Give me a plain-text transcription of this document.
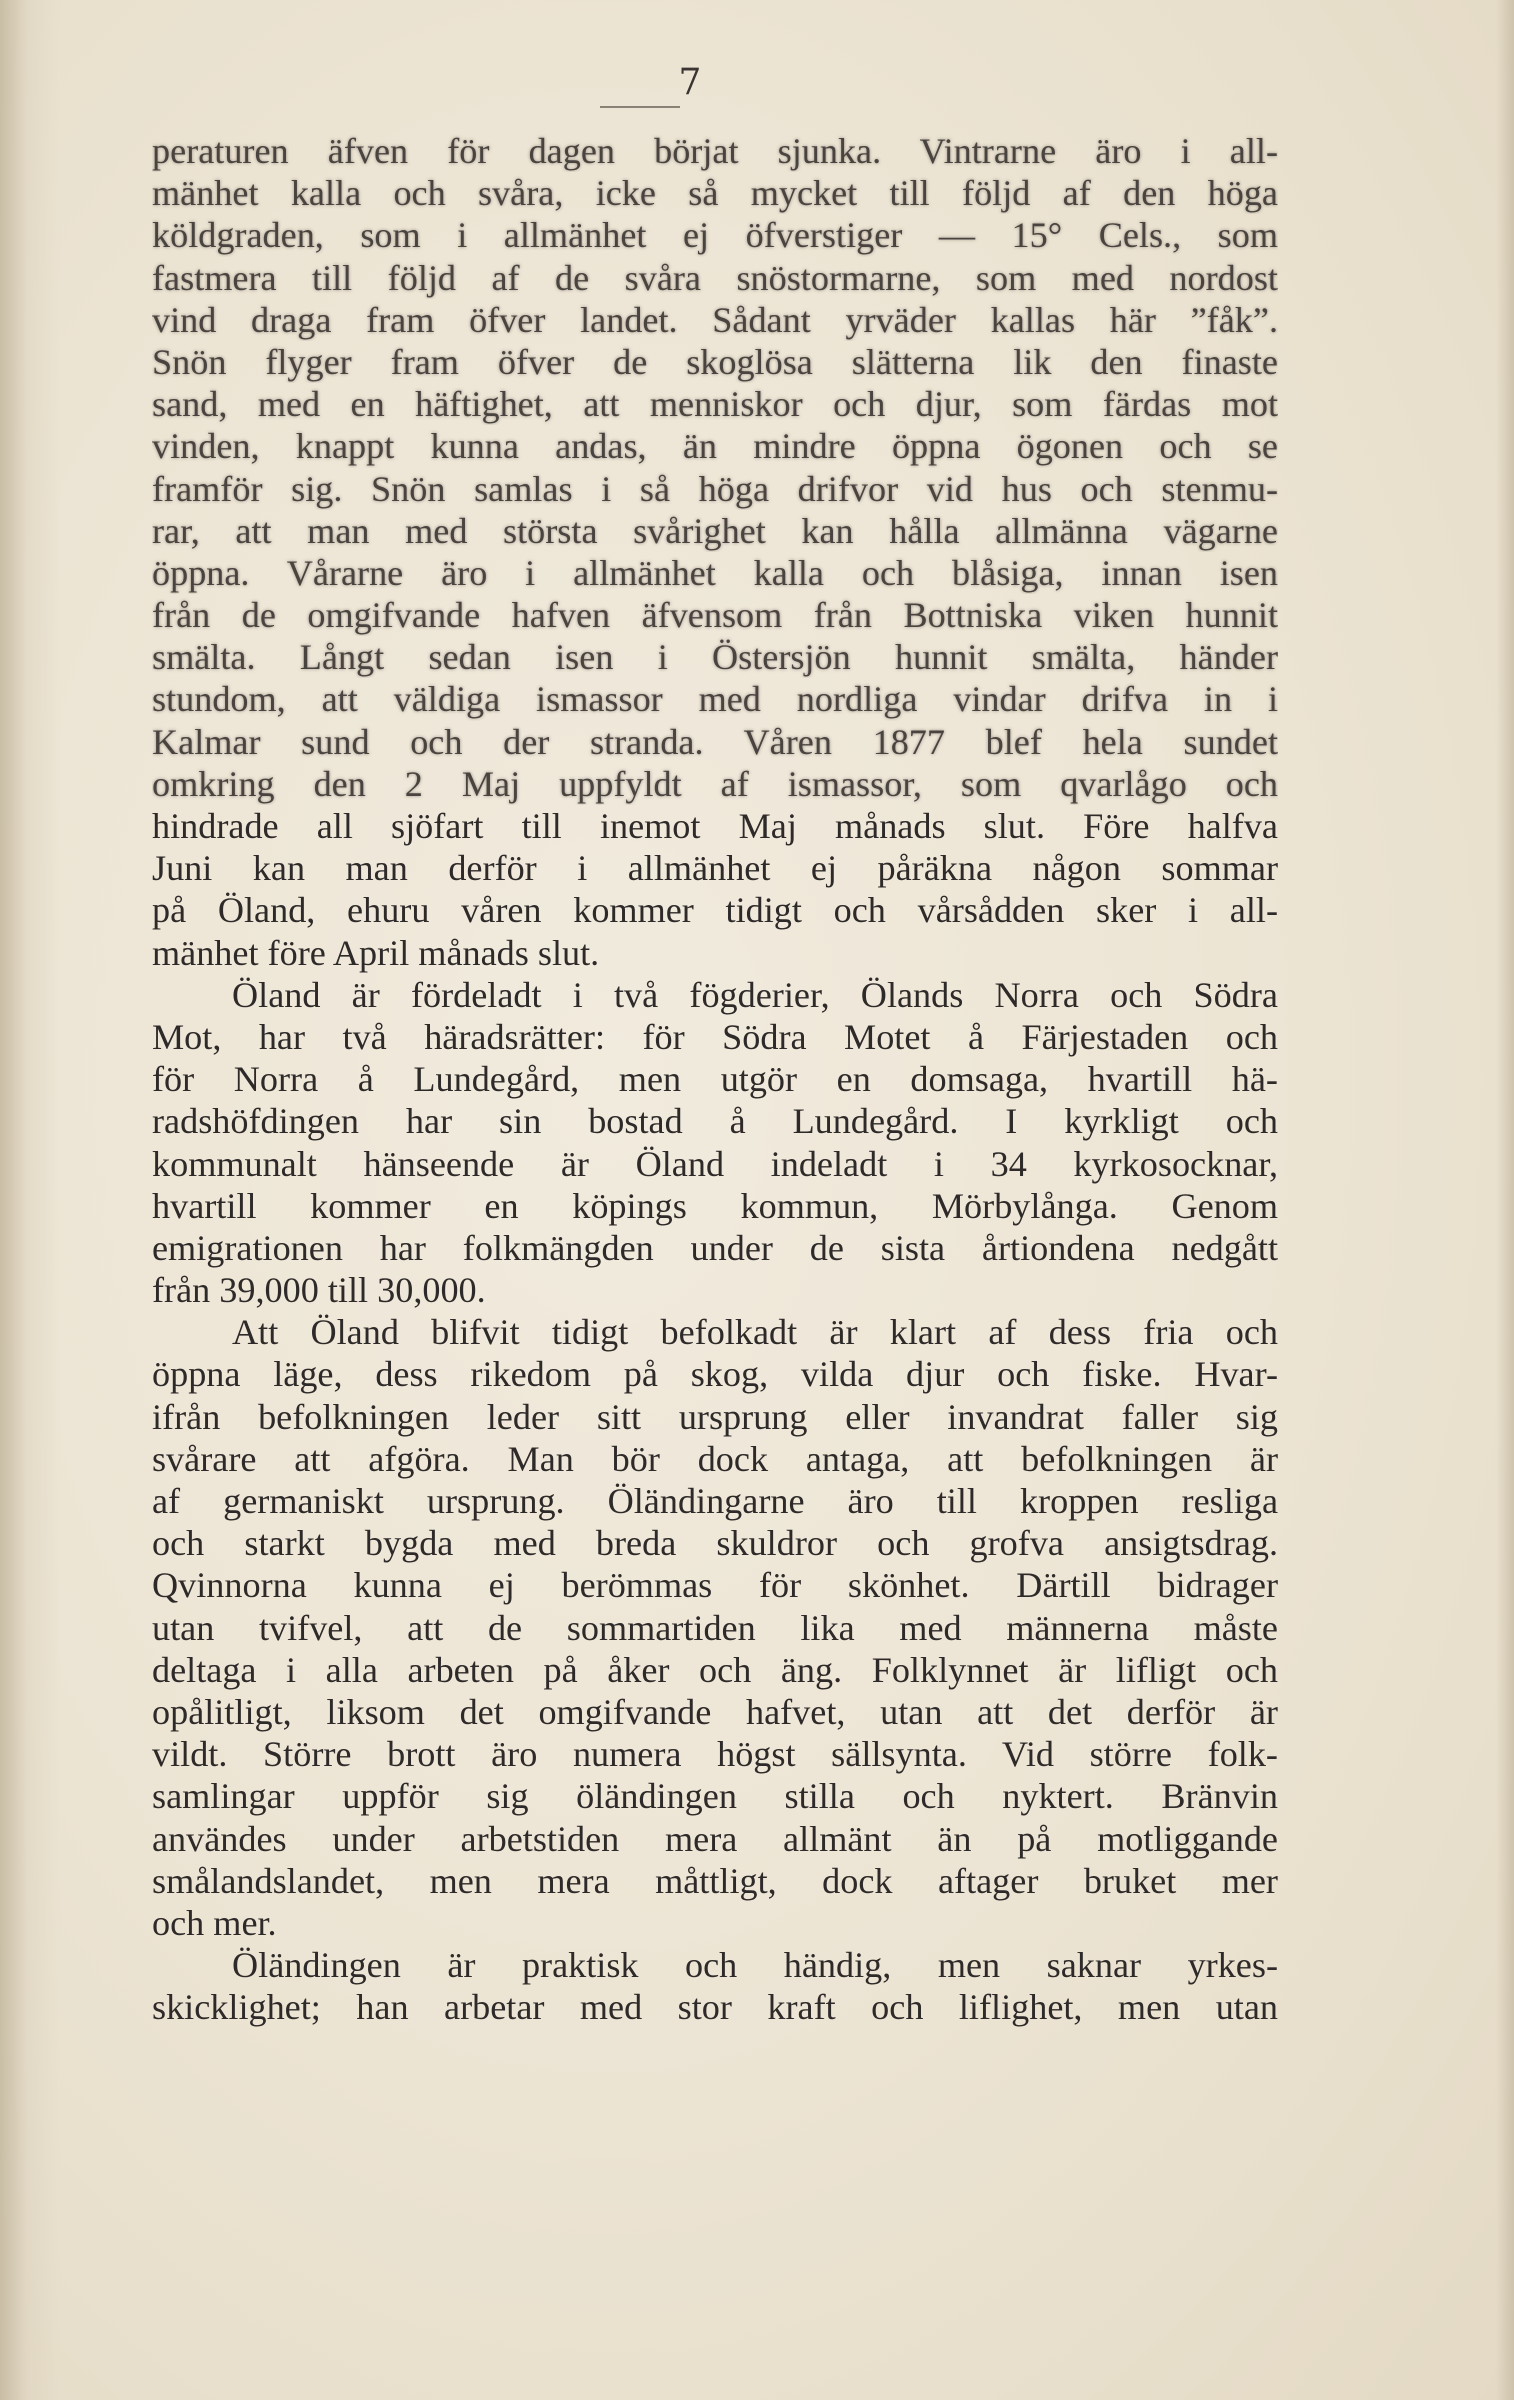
7
peraturen äfven för dagen börjat sjunka. Vintrarne äro i all-
mänhet kalla och svåra, icke så mycket till följd af den höga
köldgraden, som i allmänhet ej öfverstiger — 15° Cels., som
fastmera till följd af de svåra snöstormarne, som med nordost
vind draga fram öfver landet. Sådant yrväder kallas här ”fåk”.
Snön flyger fram öfver de skoglösa slätterna lik den finaste
sand, med en häftighet, att menniskor och djur, som färdas mot
vinden, knappt kunna andas, än mindre öppna ögonen och se
framför sig. Snön samlas i så höga drifvor vid hus och stenmu-
rar, att man med största svårighet kan hålla allmänna vägarne
öppna. Vårarne äro i allmänhet kalla och blåsiga, innan isen
från de omgifvande hafven äfvensom från Bottniska viken hunnit
smälta. Långt sedan isen i Östersjön hunnit smälta, händer
stundom, att väldiga ismassor med nordliga vindar drifva in i
Kalmar sund och der stranda. Våren 1877 blef hela sundet
omkring den 2 Maj uppfyldt af ismassor, som qvarlågo och
hindrade all sjöfart till inemot Maj månads slut. Före halfva
Juni kan man derför i allmänhet ej påräkna någon sommar
på Öland, ehuru våren kommer tidigt och vårsådden sker i all-
mänhet före April månads slut.
Öland är fördeladt i två fögderier, Ölands Norra och Södra
Mot, har två häradsrätter: för Södra Motet å Färjestaden och
för Norra å Lundegård, men utgör en domsaga, hvartill hä-
radshöfdingen har sin bostad å Lundegård. I kyrkligt och
kommunalt hänseende är Öland indeladt i 34 kyrkosocknar,
hvartill kommer en köpings kommun, Mörbylånga. Genom
emigrationen har folkmängden under de sista årtiondena nedgått
från 39,000 till 30,000.
Att Öland blifvit tidigt befolkadt är klart af dess fria och
öppna läge, dess rikedom på skog, vilda djur och fiske. Hvar-
ifrån befolkningen leder sitt ursprung eller invandrat faller sig
svårare att afgöra. Man bör dock antaga, att befolkningen är
af germaniskt ursprung. Öländingarne äro till kroppen resliga
och starkt bygda med breda skuldror och grofva ansigtsdrag.
Qvinnorna kunna ej berömmas för skönhet. Därtill bidrager
utan tvifvel, att de sommartiden lika med männerna måste
deltaga i alla arbeten på åker och äng. Folklynnet är lifligt och
opålitligt, liksom det omgifvande hafvet, utan att det derför är
vildt. Större brott äro numera högst sällsynta. Vid större folk-
samlingar uppför sig öländingen stilla och nyktert. Bränvin
användes under arbetstiden mera allmänt än på motliggande
smålandslandet, men mera måttligt, dock aftager bruket mer
och mer.
Öländingen är praktisk och händig, men saknar yrkes-
skicklighet; han arbetar med stor kraft och liflighet, men utan
